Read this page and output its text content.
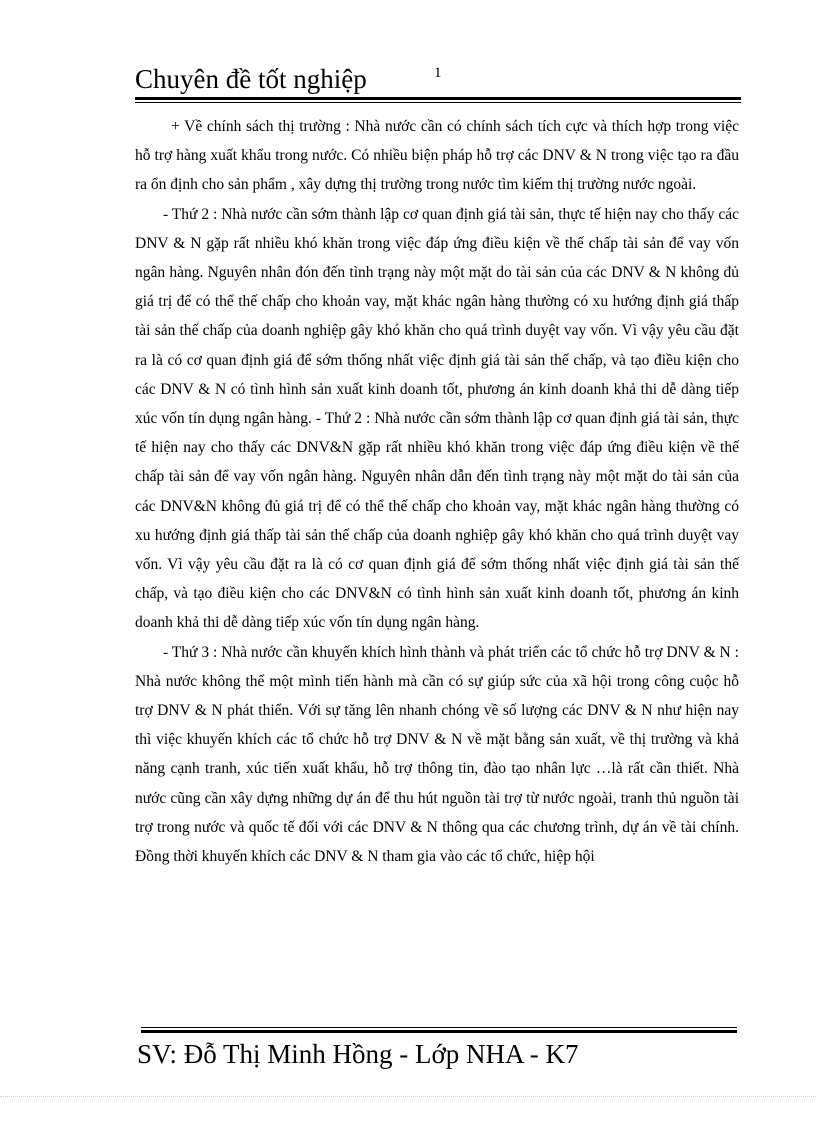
Chuyên đề tốt nghiệp	1

+ Về chính sách thị trường : Nhà nước cần có chính sách tích cực và thích hợp trong việc hỗ trợ hàng xuất khẩu trong nước. Có nhiều biện pháp hỗ trợ các DNV & N trong việc tạo ra đầu ra ổn định cho sản phẩm , xây dựng thị trường trong nước tìm kiếm thị trường nước ngoài.

- Thứ 2 : Nhà nước cần sớm thành lập cơ quan định giá tài sản, thực tế hiện nay cho thấy các DNV & N gặp rất nhiều khó khăn trong việc đáp ứng điều kiện về thế chấp tài sản để vay vốn ngân hàng. Nguyên nhân đón đến tình trạng này một mặt do tài sản của các DNV & N không đủ giá trị để có thể thế chấp cho khoản vay, mặt khác ngân hàng thường có xu hướng định giá thấp tài sản thế chấp của doanh nghiệp gây khó khăn cho quá trình duyệt vay vốn. Vì vậy yêu cầu đặt ra là có cơ quan định giá để sớm thống nhất việc định giá tài sản thế chấp, và tạo điều kiện cho các DNV & N có tình hình sản xuất kinh doanh tốt, phương án kinh doanh khả thi dễ dàng tiếp xúc vốn tín dụng ngân hàng. - Thứ 2 : Nhà nước cần sớm thành lập cơ quan định giá tài sản, thực tế hiện nay cho thấy các DNV&N gặp rất nhiều khó khăn trong việc đáp ứng điều kiện về thế chấp tài sản để vay vốn ngân hàng. Nguyên nhân dẫn đến tình trạng này một mặt do tài sản của các DNV&N không đủ giá trị để có thể thế chấp cho khoản vay, mặt khác ngân hàng thường có xu hướng định giá thấp tài sản thế chấp của doanh nghiệp gây khó khăn cho quá trình duyệt vay vốn. Vì vậy yêu cầu đặt ra là có cơ quan định giá để sớm thống nhất việc định giá tài sản thế chấp, và tạo điều kiện cho các DNV&N có tình hình sản xuất kinh doanh tốt, phương án kinh doanh khả thi dễ dàng tiếp xúc vốn tín dụng ngân hàng.

- Thứ 3 : Nhà nước cần khuyến khích hình thành và phát triển các tổ chức hỗ trợ DNV & N : Nhà nước không thể một mình tiến hành mà cần có sự giúp sức của xã hội trong công cuộc hỗ trợ DNV & N phát thiển. Với sự tăng lên nhanh chóng về số lượng các DNV & N như hiện nay thì việc khuyến khích các tổ chức hỗ trợ DNV & N về mặt bằng sản xuất, về thị trường và khả năng cạnh tranh, xúc tiến xuất khẩu, hỗ trợ thông tin, đào tạo nhân lực …là rất cần thiết. Nhà nước cũng cần xây dựng những dự án để thu hút nguồn tài trợ từ nước ngoài, tranh thủ nguồn tài trợ trong nước và quốc tế đối với các DNV & N thông qua các chương trình, dự án về tài chính. Đồng thời khuyến khích các DNV & N tham gia vào các tổ chức, hiệp hội

SV: Đỗ Thị Minh Hồng - Lớp NHA - K7
